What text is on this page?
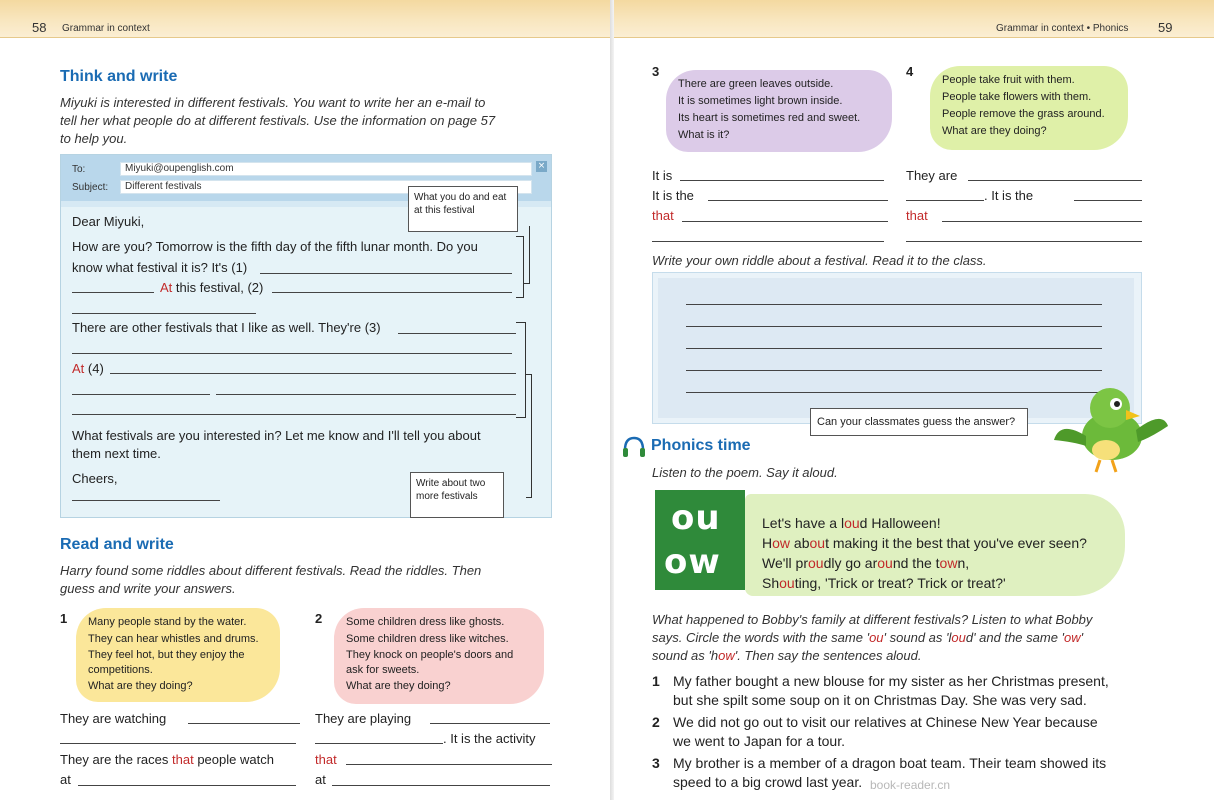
58 Grammar in context	Grammar in context • Phonics 59
Think and write
Miyuki is interested in different festivals. You want to write her an e-mail to
tell her what people do at different festivals. Use the information on page 57
to help you.
To:	Miyuki@oupenglish.com
Subject:	Different festivals
×
Dear Miyuki,
How are you? Tomorrow is the fifth day of the fifth lunar month. Do you
know what festival it is? It's (1)
At this festival, (2)
There are other festivals that I like as well. They're (3)
At (4)
What festivals are you interested in? Let me know and I'll tell you about
them next time.
Cheers,
What you do and eat at this festival
Write about two more festivals
Read and write
Harry found some riddles about different festivals. Read the riddles. Then
guess and write your answers.
1 Many people stand by the water.
They can hear whistles and drums.
They feel hot, but they enjoy the
competitions.
What are they doing?
They are watching
They are the races that people watch
at
2 Some children dress like ghosts.
Some children dress like witches.
They knock on people's doors and
ask for sweets.
What are they doing?
They are playing
. It is the activity
that
at
3
There are green leaves outside.
It is sometimes light brown inside.
Its heart is sometimes red and sweet.
What is it?
It is
It is the
that
4
People take fruit with them.
People take flowers with them.
People remove the grass around.
What are they doing?
They are
. It is the
that
Write your own riddle about a festival. Read it to the class.
Can your classmates guess the answer?
Phonics time
Listen to the poem. Say it aloud.
ou
ow
Let's have a loud Halloween!
How about making it the best that you've ever seen?
We'll proudly go around the town,
Shouting, 'Trick or treat? Trick or treat?'
What happened to Bobby's family at different festivals? Listen to what Bobby
says. Circle the words with the same 'ou' sound as 'loud' and the same 'ow'
sound as 'how'. Then say the sentences aloud.
1 My father bought a new blouse for my sister as her Christmas present,
but she spilt some soup on it on Christmas Day. She was very sad.
2 We did not go out to visit our relatives at Chinese New Year because
we went to Japan for a tour.
3 My brother is a member of a dragon boat team. Their team showed its
speed to a big crowd last year. book-reader.cn
